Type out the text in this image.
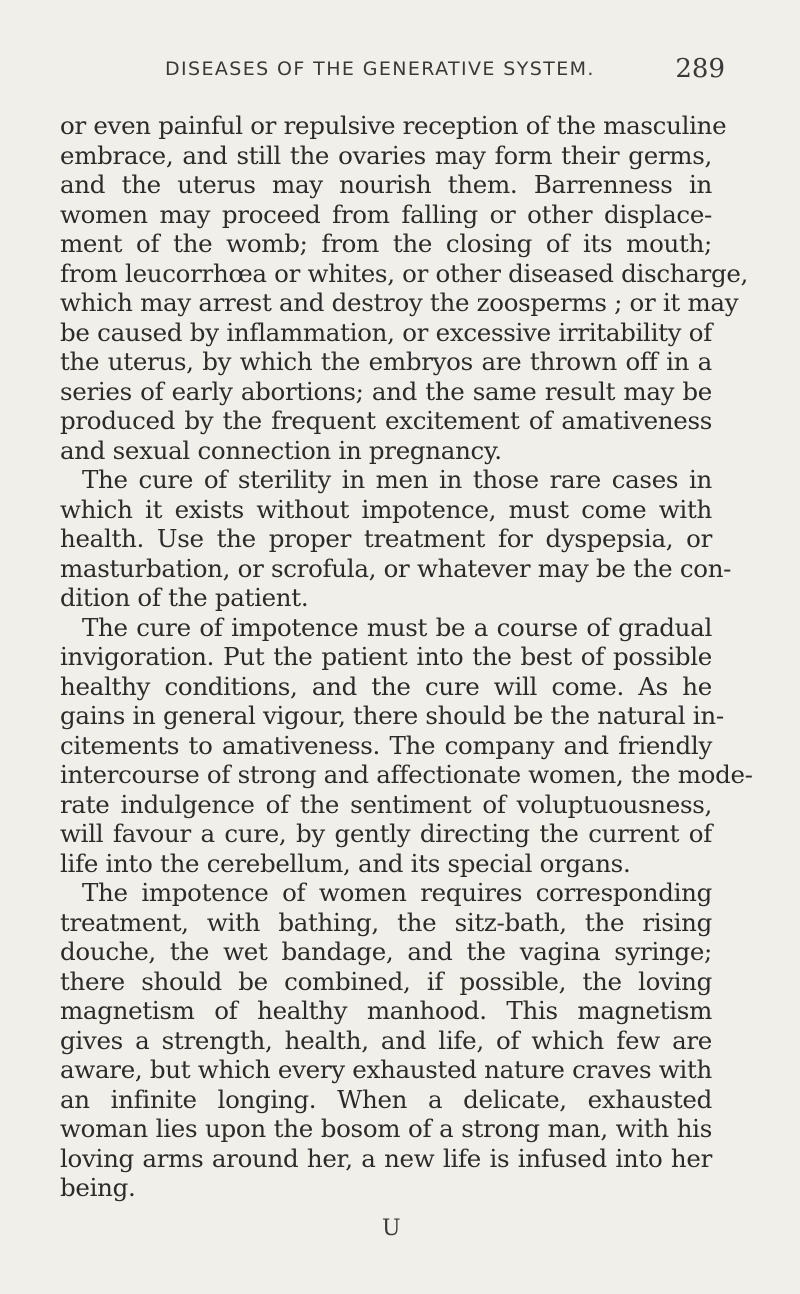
DISEASES OF THE GENERATIVE SYSTEM.	289
or even painful or repulsive reception of the masculine
embrace, and still the ovaries may form their germs,
and the uterus may nourish them. Barrenness in
women may proceed from falling or other displace-
ment of the womb; from the closing of its mouth;
from leucorrhœa or whites, or other diseased discharge,
which may arrest and destroy the zoosperms ; or it may
be caused by inflammation, or excessive irritability of
the uterus, by which the embryos are thrown off in a
series of early abortions; and the same result may be
produced by the frequent excitement of amativeness
and sexual connection in pregnancy.
The cure of sterility in men in those rare cases in
which it exists without impotence, must come with
health. Use the proper treatment for dyspepsia, or
masturbation, or scrofula, or whatever may be the con-
dition of the patient.
The cure of impotence must be a course of gradual
invigoration. Put the patient into the best of possible
healthy conditions, and the cure will come. As he
gains in general vigour, there should be the natural in-
citements to amativeness. The company and friendly
intercourse of strong and affectionate women, the mode-
rate indulgence of the sentiment of voluptuousness,
will favour a cure, by gently directing the current of
life into the cerebellum, and its special organs.
The impotence of women requires corresponding
treatment, with bathing, the sitz-bath, the rising
douche, the wet bandage, and the vagina syringe;
there should be combined, if possible, the loving
magnetism of healthy manhood. This magnetism
gives a strength, health, and life, of which few are
aware, but which every exhausted nature craves with
an infinite longing. When a delicate, exhausted
woman lies upon the bosom of a strong man, with his
loving arms around her, a new life is infused into her
being.
U
